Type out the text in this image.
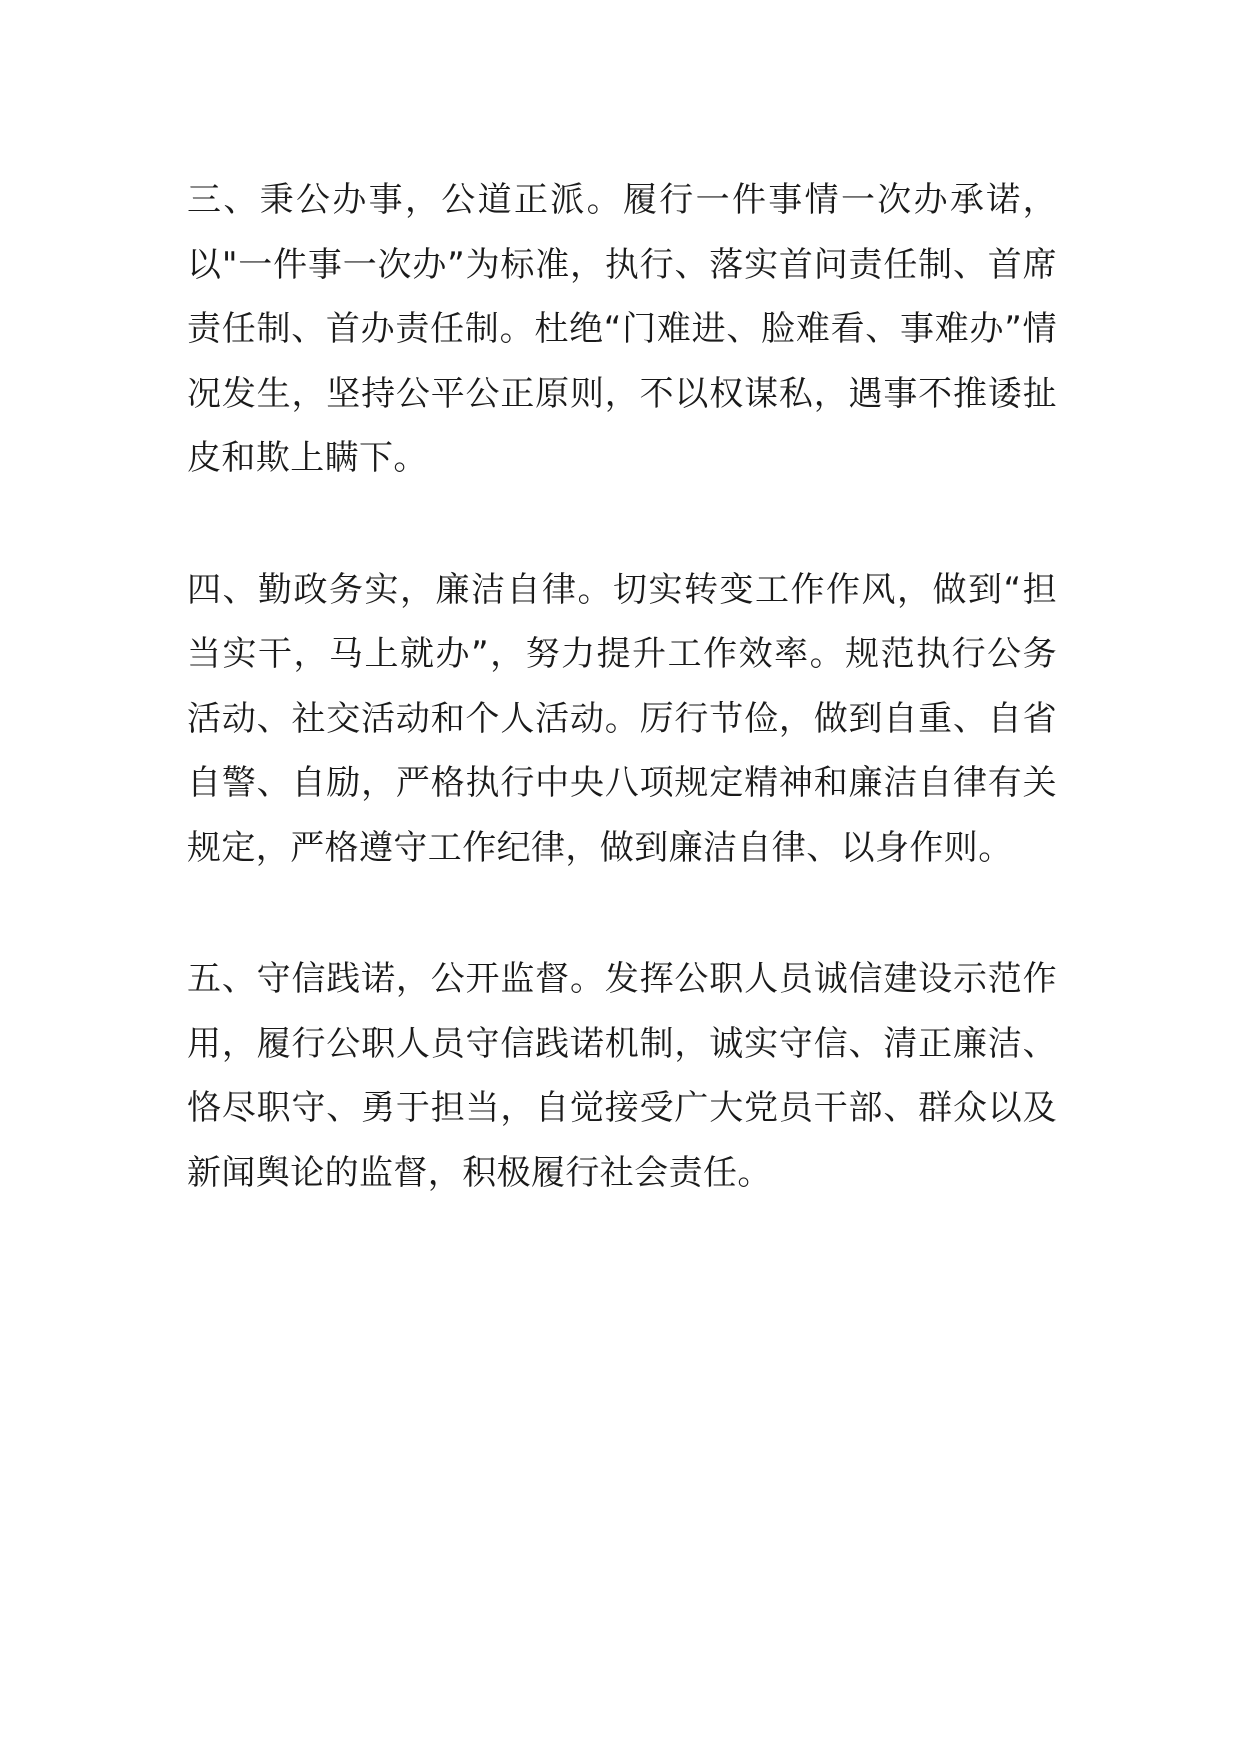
三、秉公办事，公道正派。履行一件事情一次办承诺，以"一件事一次办”为标准，执行、落实首问责任制、首席责任制、首办责任制。杜绝“门难进、脸难看、事难办”情况发生，坚持公平公正原则，不以权谋私，遇事不推诿扯皮和欺上瞒下。

四、勤政务实，廉洁自律。切实转变工作作风，做到“担当实干，马上就办”，努力提升工作效率。规范执行公务活动、社交活动和个人活动。厉行节俭，做到自重、自省自警、自励，严格执行中央八项规定精神和廉洁自律有关规定，严格遵守工作纪律，做到廉洁自律、以身作则。

五、守信践诺，公开监督。发挥公职人员诚信建设示范作用，履行公职人员守信践诺机制，诚实守信、清正廉洁、恪尽职守、勇于担当，自觉接受广大党员干部、群众以及新闻舆论的监督，积极履行社会责任。
